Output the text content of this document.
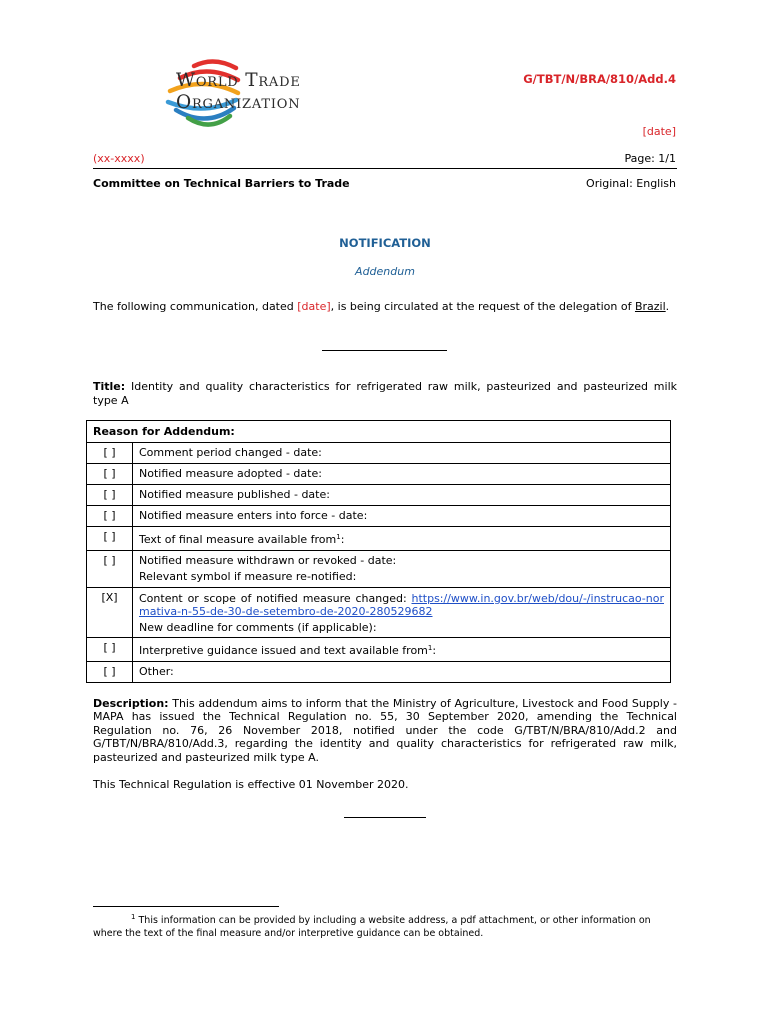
World Trade
Organization
G/TBT/N/BRA/810/Add.4
[date]
(xx-xxxx)	Page: 1/1
Committee on Technical Barriers to Trade	Original: English
NOTIFICATION
Addendum
The following communication, dated [date], is being circulated at the request of the delegation of Brazil.
Title: Identity and quality characteristics for refrigerated raw milk, pasteurized and pasteurized milk type A
Reason for Addendum:	
[ ]	Comment period changed - date:
[ ]	Notified measure adopted - date:
[ ]	Notified measure published - date:
[ ]	Notified measure enters into force - date:
[ ]	Text of final measure available from$^1$:
[ ]	Notified measure withdrawn or revoked - date:
Relevant symbol if measure re-notified:

[X]	Content or scope of notified measure changed: https://www.in.gov.br/web/dou/-/instrucao-normativa-n-55-de-30-de-setembro-de-2020-280529682
New deadline for comments (if applicable):

[ ]	Interpretive guidance issued and text available from$^1$:
[ ]	Other:
Description: This addendum aims to inform that the Ministry of Agriculture, Livestock and Food Supply - MAPA has issued the Technical Regulation no. 55, 30 September 2020, amending the Technical Regulation no. 76, 26 November 2018, notified under the code G/TBT/N/BRA/810/Add.2 and G/TBT/N/BRA/810/Add.3, regarding the identity and quality characteristics for refrigerated raw milk, pasteurized and pasteurized milk type A.
This Technical Regulation is effective 01 November 2020.
$^1$ This information can be provided by including a website address, a pdf attachment, or other information on where the text of the final measure and/or interpretive guidance can be obtained.
